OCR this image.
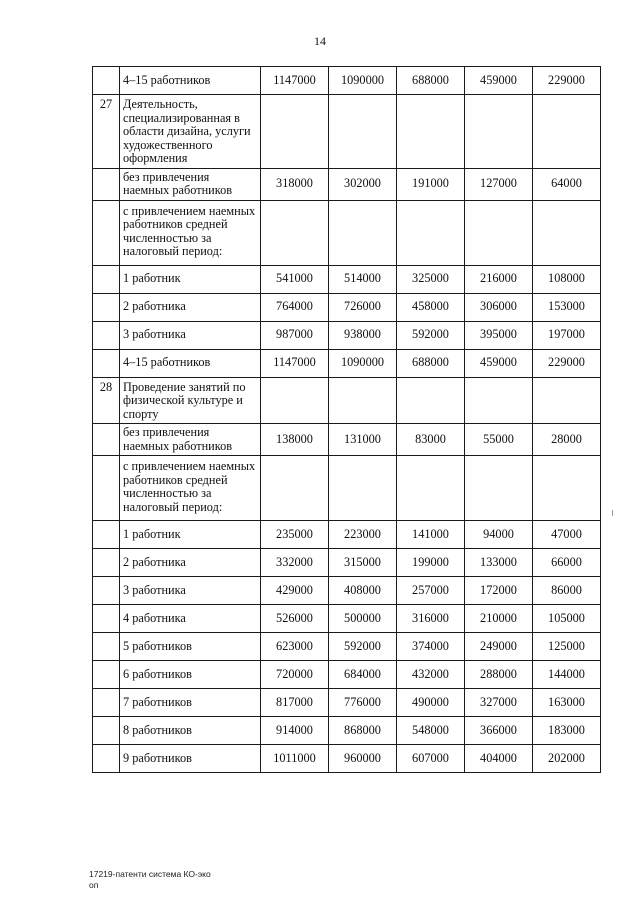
14
	4–15 работников	1147000	1090000	688000	459000	229000
27	Деятельность, специализированная в области дизайна, услуги художественного оформления					
	без привлечения наемных работников	318000	302000	191000	127000	64000
	с привлечением наемных работников средней численностью за налоговый период:					
	1 работник	541000	514000	325000	216000	108000
	2 работника	764000	726000	458000	306000	153000
	3 работника	987000	938000	592000	395000	197000
	4–15 работников	1147000	1090000	688000	459000	229000
28	Проведение занятий по физической культуре и спорту					
	без привлечения наемных работников	138000	131000	83000	55000	28000
	с привлечением наемных работников средней численностью за налоговый период:					
	1 работник	235000	223000	141000	94000	47000
	2 работника	332000	315000	199000	133000	66000
	3 работника	429000	408000	257000	172000	86000
	4 работника	526000	500000	316000	210000	105000
	5 работников	623000	592000	374000	249000	125000
	6 работников	720000	684000	432000	288000	144000
	7 работников	817000	776000	490000	327000	163000
	8 работников	914000	868000	548000	366000	183000
	9 работников	1011000	960000	607000	404000	202000
17219-патенти система КО-эко
оп
